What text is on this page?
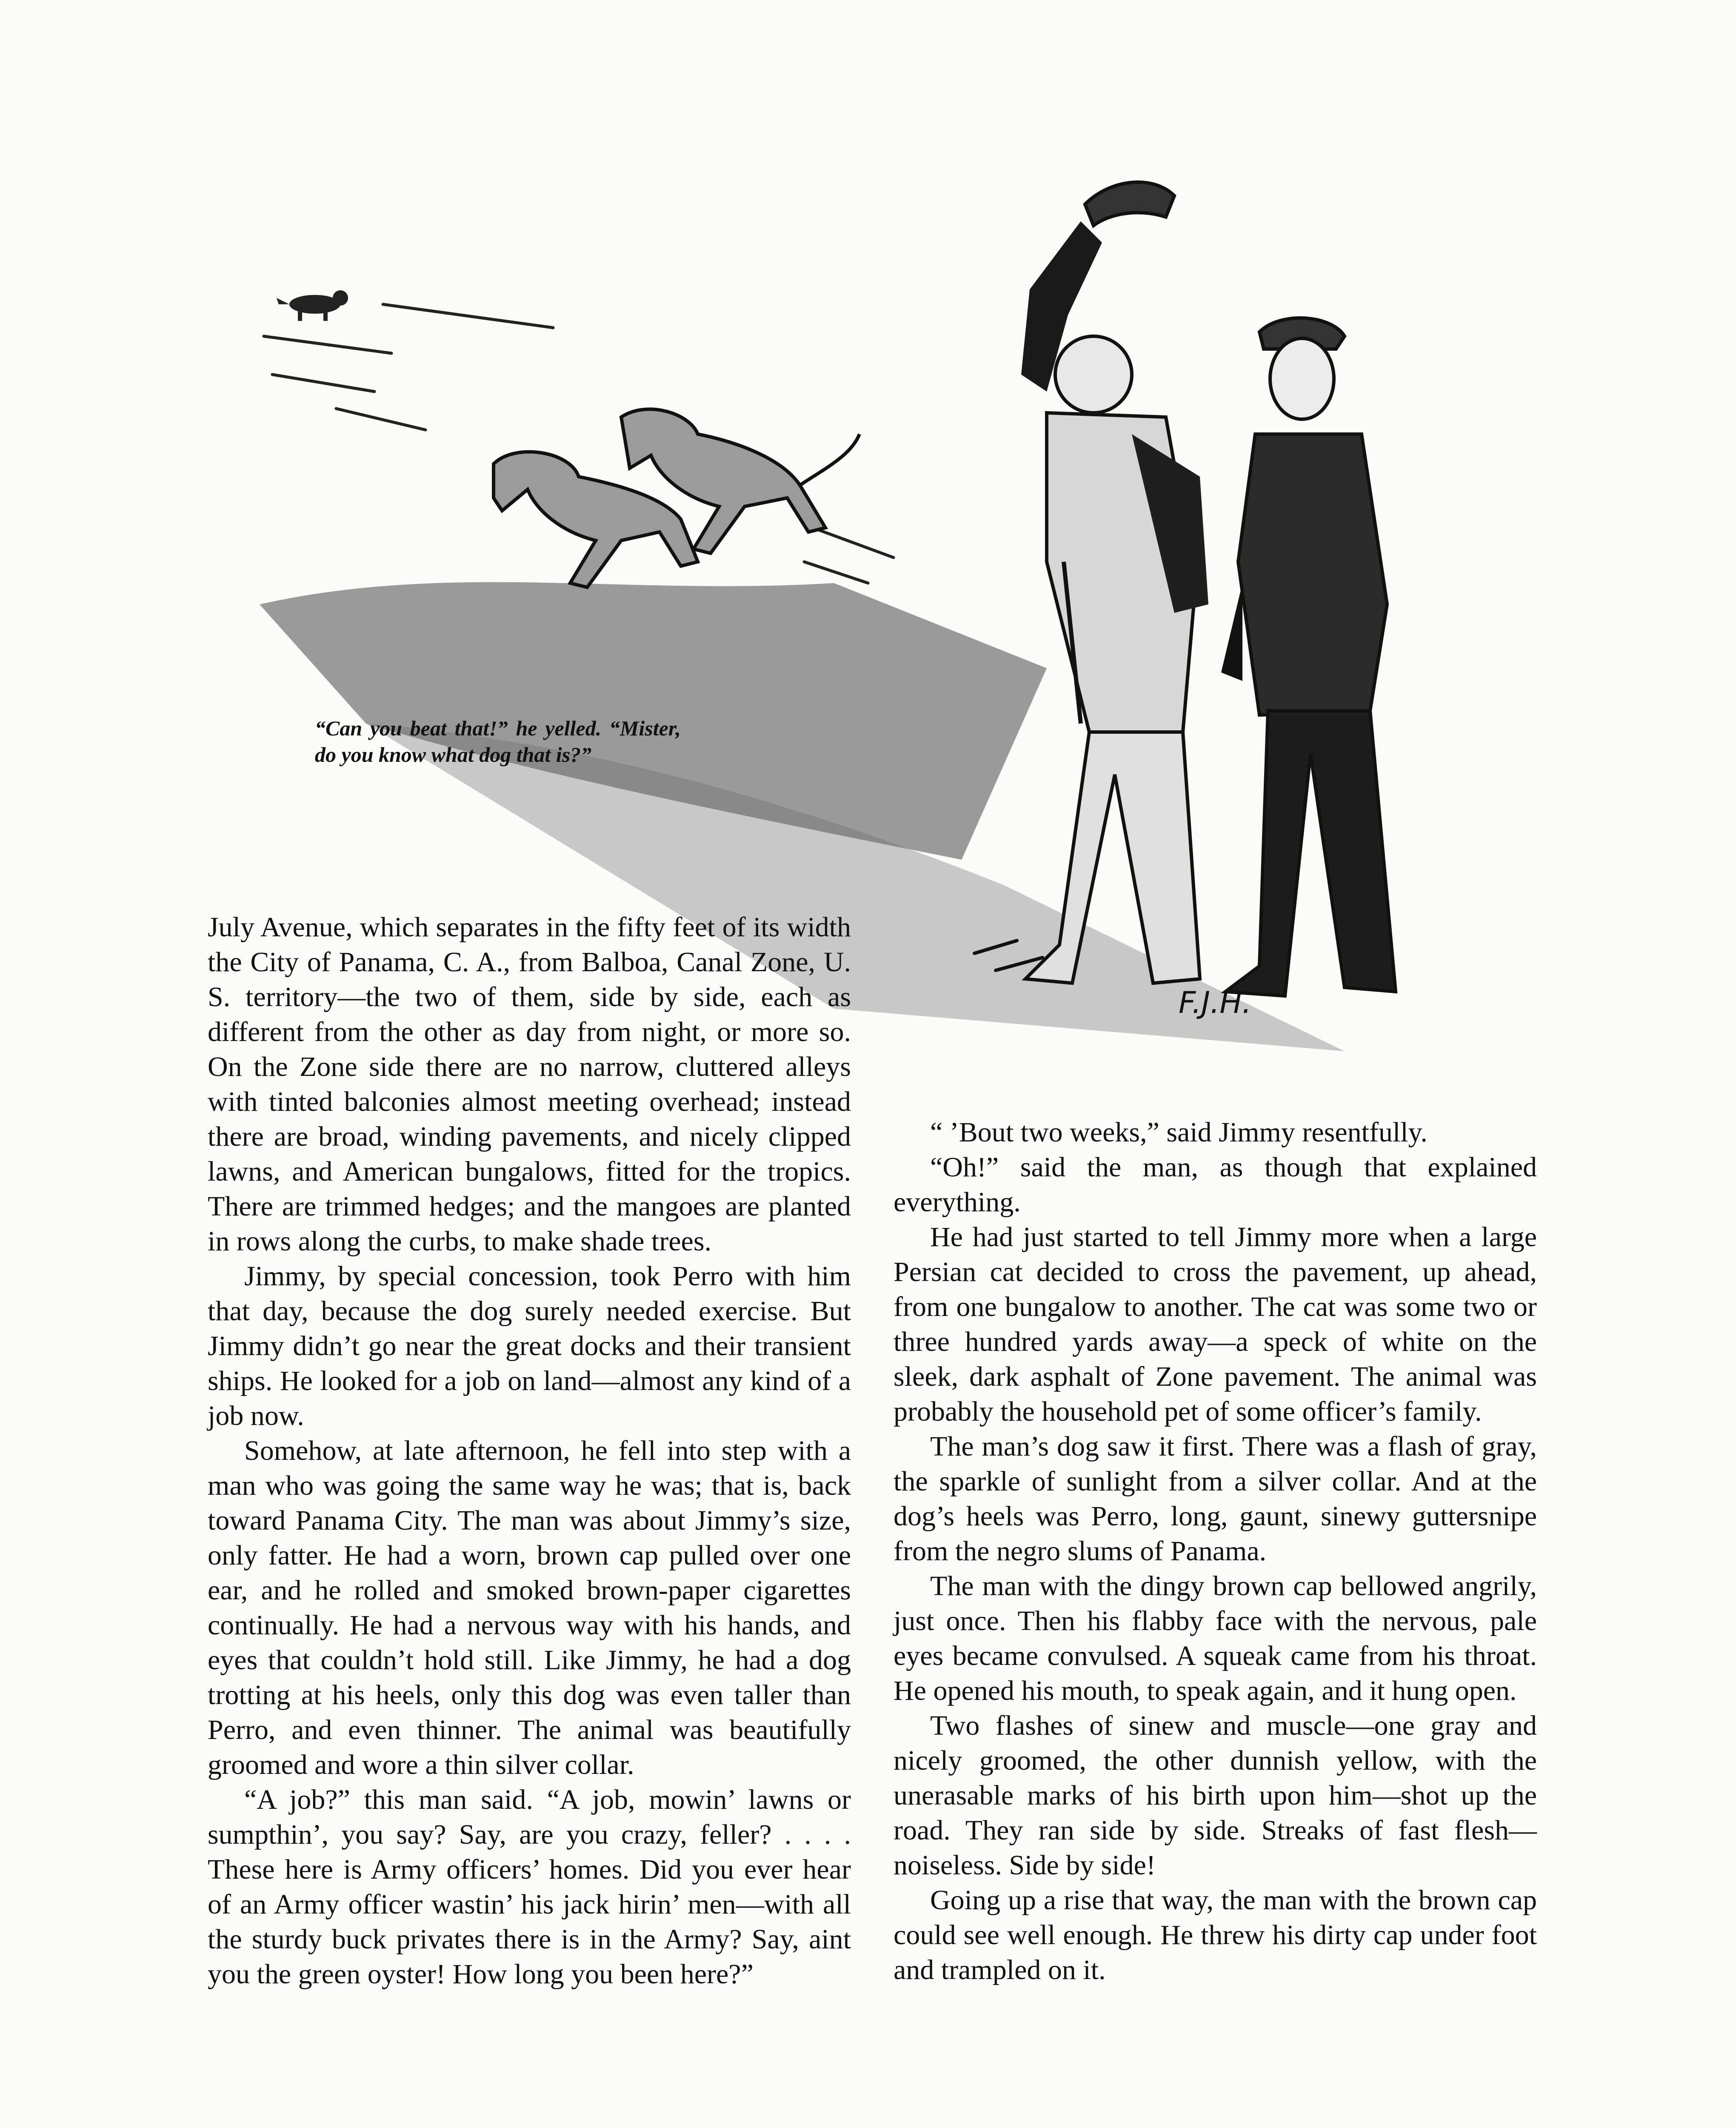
F.J.H.
“Can you beat that!” he yelled. “Mister, do you know what dog that is?”

July Avenue, which separates in the fifty feet of its width the City of Panama, C. A., from Balboa, Canal Zone, U. S. territory—the two of them, side by side, each as different from the other as day from night, or more so. On the Zone side there are no narrow, cluttered alleys with tinted balconies almost meeting overhead; instead there are broad, winding pavements, and nicely clipped lawns, and American bungalows, fitted for the tropics. There are trimmed hedges; and the mangoes are planted in rows along the curbs, to make shade trees.

Jimmy, by special concession, took Perro with him that day, because the dog surely needed exercise. But Jimmy didn’t go near the great docks and their transient ships. He looked for a job on land—almost any kind of a job now.

Somehow, at late afternoon, he fell into step with a man who was going the same way he was; that is, back toward Panama City. The man was about Jimmy’s size, only fatter. He had a worn, brown cap pulled over one ear, and he rolled and smoked brown-paper cigarettes continually. He had a nervous way with his hands, and eyes that couldn’t hold still. Like Jimmy, he had a dog trotting at his heels, only this dog was even taller than Perro, and even thinner. The animal was beautifully groomed and wore a thin silver collar.

“A job?” this man said. “A job, mowin’ lawns or sumpthin’, you say? Say, are you crazy, feller? . . . . These here is Army officers’ homes. Did you ever hear of an Army officer wastin’ his jack hirin’ men—with all the sturdy buck privates there is in the Army? Say, aint you the green oyster! How long you been here?”

“ ’Bout two weeks,” said Jimmy resentfully.

“Oh!” said the man, as though that explained everything.

He had just started to tell Jimmy more when a large Persian cat decided to cross the pavement, up ahead, from one bungalow to another. The cat was some two or three hundred yards away—a speck of white on the sleek, dark asphalt of Zone pavement. The animal was probably the household pet of some officer’s family.

The man’s dog saw it first. There was a flash of gray, the sparkle of sunlight from a silver collar. And at the dog’s heels was Perro, long, gaunt, sinewy guttersnipe from the negro slums of Panama.

The man with the dingy brown cap bellowed angrily, just once. Then his flabby face with the nervous, pale eyes became convulsed. A squeak came from his throat. He opened his mouth, to speak again, and it hung open.

Two flashes of sinew and muscle—one gray and nicely groomed, the other dunnish yellow, with the unerasable marks of his birth upon him—shot up the road. They ran side by side. Streaks of fast flesh—noiseless. Side by side!

Going up a rise that way, the man with the brown cap could see well enough. He threw his dirty cap under foot and trampled on it.
